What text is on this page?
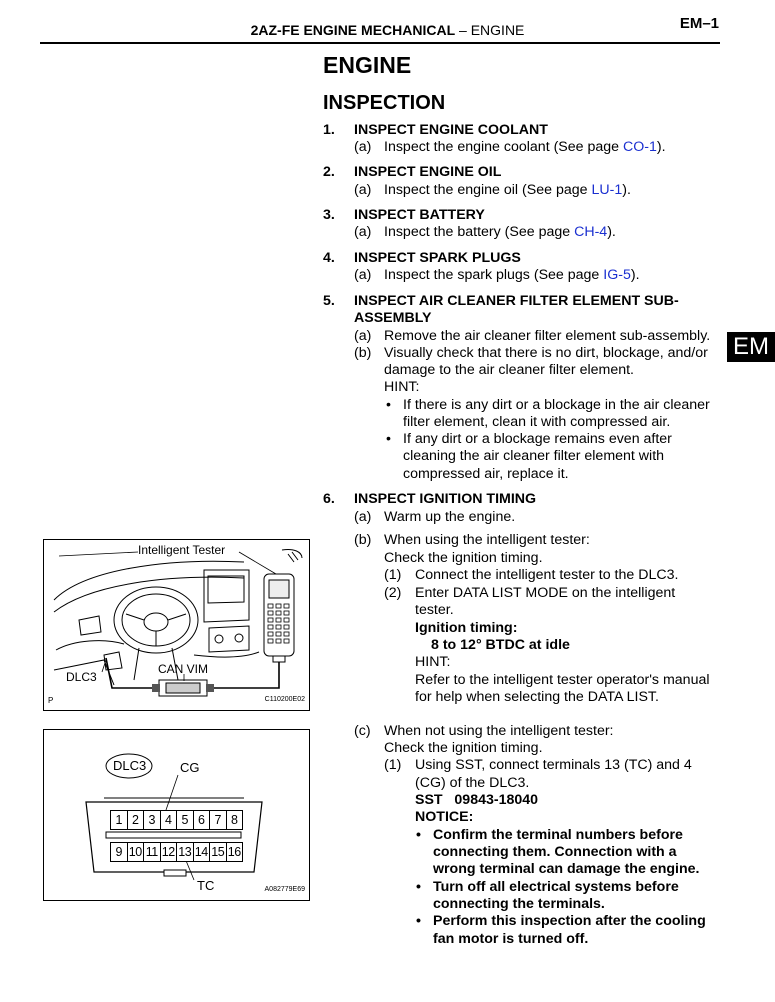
2AZ-FE ENGINE MECHANICAL – ENGINE	EM–1
ENGINE
INSPECTION
EM
1. INSPECT ENGINE COOLANT
(a) Inspect the engine coolant (See page CO-1).
2. INSPECT ENGINE OIL
(a) Inspect the engine oil (See page LU-1).
3. INSPECT BATTERY
(a) Inspect the battery (See page CH-4).
4. INSPECT SPARK PLUGS
(a) Inspect the spark plugs (See page IG-5).
5. INSPECT AIR CLEANER FILTER ELEMENT SUB-
ASSEMBLY
(a) Remove the air cleaner filter element sub-assembly.
(b) Visually check that there is no dirt, blockage, and/or
damage to the air cleaner filter element.
HINT:
• If there is any dirt or a blockage in the air cleaner
filter element, clean it with compressed air.
• If any dirt or a blockage remains even after
cleaning the air cleaner filter element with
compressed air, replace it.
6. INSPECT IGNITION TIMING
(a) Warm up the engine.
(b) When using the intelligent tester:
Check the ignition timing.
(1) Connect the intelligent tester to the DLC3.
(2) Enter DATA LIST MODE on the intelligent
tester.
Ignition timing:
8 to 12° BTDC at idle
HINT:
Refer to the intelligent tester operator's manual
for help when selecting the DATA LIST.
(c) When not using the intelligent tester:
Check the ignition timing.
(1) Using SST, connect terminals 13 (TC) and 4
(CG) of the DLC3.
SST   09843-18040
NOTICE:
• Confirm the terminal numbers before
connecting them. Connection with a
wrong terminal can damage the engine.
• Turn off all electrical systems before
connecting the terminals.
• Perform this inspection after the cooling
fan motor is turned off.
Intelligent Tester
DLC3
CAN VIM
P	C110200E02
DLC3	CG
TC	A082779E69
1 2 3 4 5 6 7 8
9 10 11 12 13 14 15 16
